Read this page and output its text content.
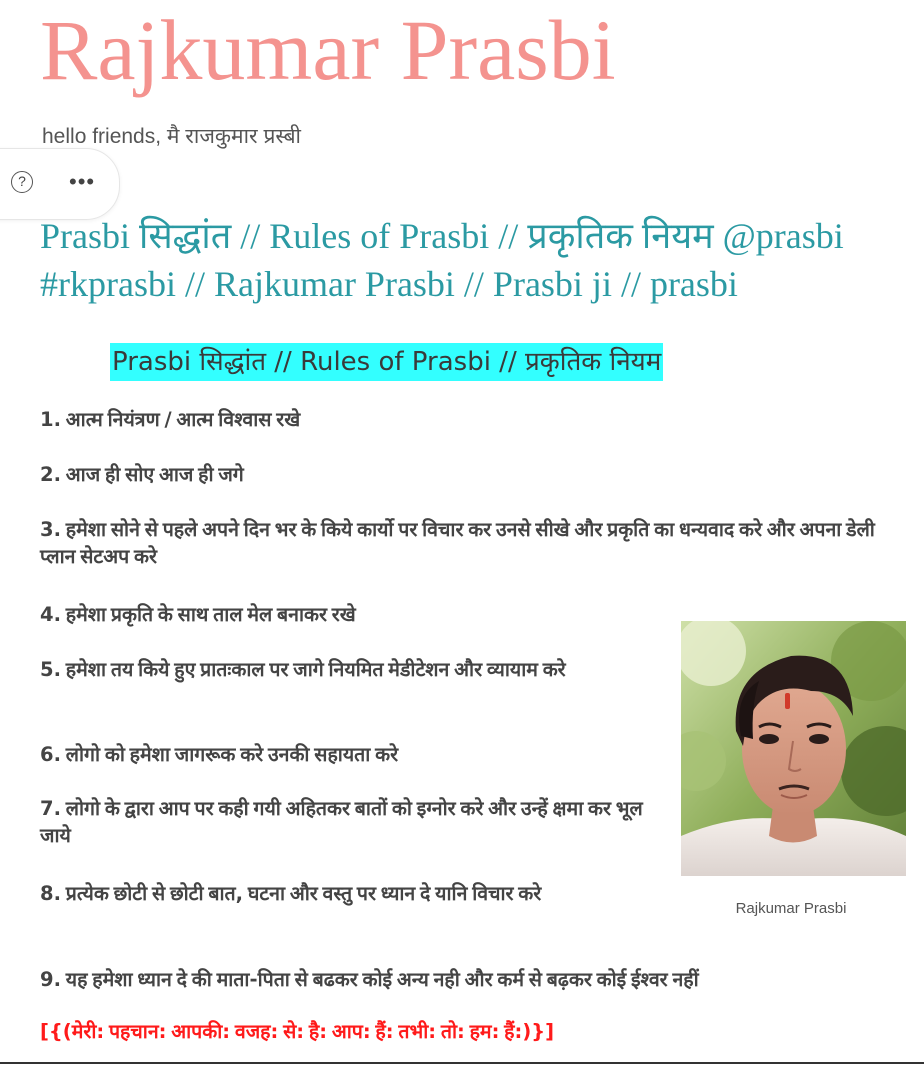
Rajkumar Prasbi
hello friends, मै राजकुमार प्रस्बी
?	•••
Prasbi सिद्धांत // Rules of Prasbi // प्रकृतिक नियम @prasbi #rkprasbi // Rajkumar Prasbi // Prasbi ji // prasbi
Prasbi सिद्धांत // Rules of Prasbi // प्रकृतिक नियम
1. आत्म नियंत्रण / आत्म विश्वास रखे
2. आज ही सोए आज ही जगे
3. हमेशा सोने से पहले अपने दिन भर के किये कार्यो पर विचार कर उनसे सीखे और प्रकृति का धन्यवाद करे और अपना डेली प्लान सेटअप करे
4. हमेशा प्रकृति के साथ ताल मेल बनाकर रखे
5. हमेशा तय किये हुए प्रातःकाल पर जागे नियमित मेडीटेशन और व्यायाम करे
6. लोगो को हमेशा जागरूक करे उनकी सहायता करे
7. लोगो के द्वारा आप पर कही गयी अहितकर बातों को इग्नोर करे और उन्हें क्षमा कर भूल जाये
8. प्रत्येक छोटी से छोटी बात, घटना और वस्तु पर ध्यान दे यानि विचार करे
9. यह हमेशा ध्यान दे की माता-पिता से बढकर कोई अन्य नही और कर्म से बढ़कर कोई ईश्वर नहीं
[{(मेरी: पहचान: आपकी: वजह: से: है: आप: हैं: तभी: तो: हम: हैं:)}]
Rajkumar Prasbi
